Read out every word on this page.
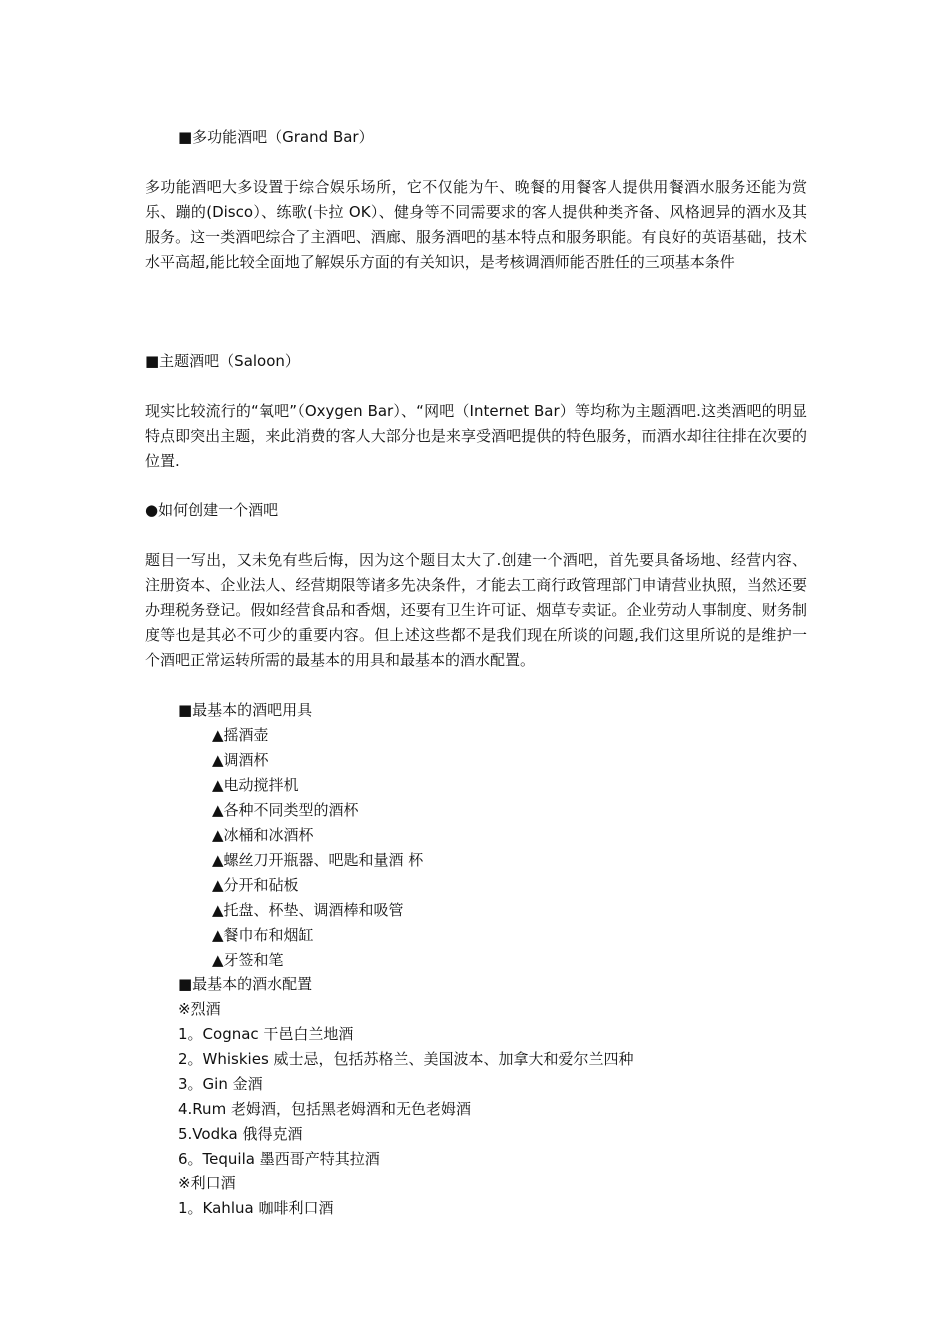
■多功能酒吧（Grand Bar）
多功能酒吧大多设置于综合娱乐场所，它不仅能为午、晚餐的用餐客人提供用餐酒水服务还能为赏乐、蹦的(Disco）、练歌(卡拉 OK）、健身等不同需要求的客人提供种类齐备、风格迥异的酒水及其服务。这一类酒吧综合了主酒吧、酒廊、服务酒吧的基本特点和服务职能。有良好的英语基础，技术水平高超,能比较全面地了解娱乐方面的有关知识，是考核调酒师能否胜任的三项基本条件
■主题酒吧（Saloon）
现实比较流行的“氧吧”（Oxygen Bar）、“网吧（Internet Bar）等均称为主题酒吧.这类酒吧的明显特点即突出主题，来此消费的客人大部分也是来享受酒吧提供的特色服务，而酒水却往往排在次要的位置.
●如何创建一个酒吧
题目一写出，又未免有些后悔，因为这个题目太大了.创建一个酒吧，首先要具备场地、经营内容、注册资本、企业法人、经营期限等诸多先决条件，才能去工商行政管理部门申请营业执照，当然还要办理税务登记。假如经营食品和香烟，还要有卫生许可证、烟草专卖证。企业劳动人事制度、财务制度等也是其必不可少的重要内容。但上述这些都不是我们现在所谈的问题,我们这里所说的是维护一个酒吧正常运转所需的最基本的用具和最基本的酒水配置。
■最基本的酒吧用具
▲摇酒壶
▲调酒杯
▲电动搅拌机
▲各种不同类型的酒杯
▲冰桶和冰酒杯
▲螺丝刀开瓶器、吧匙和量酒 杯
▲分开和砧板
▲托盘、杯垫、调酒棒和吸管
▲餐巾布和烟缸
▲牙签和笔
■最基本的酒水配置
※烈酒
1。Cognac 干邑白兰地酒
2。Whiskies 威士忌，包括苏格兰、美国波本、加拿大和爱尔兰四种
3。Gin 金酒
4.Rum 老姆酒，包括黑老姆酒和无色老姆酒
5.Vodka 俄得克酒
6。Tequila 墨西哥产特其拉酒
※利口酒
1。Kahlua 咖啡利口酒
